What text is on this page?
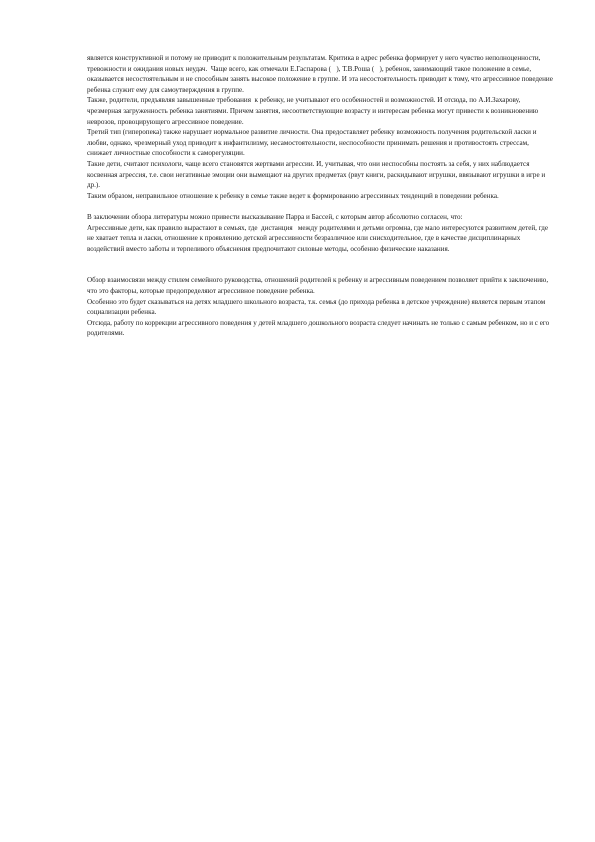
является конструктивной и потому не приводит к положительным результатам. Критика в адрес ребенка формирует у него чувство неполноценности, тревожности и ожидания новых неудач.  Чаще всего, как отмечали Е.Гаспарова (   ), Т.В.Роша (   ), ребенок, занимающий такое положение в семье, оказывается несостоятельным и не способным занять высокое положение в группе. И эта несостоятельность приводит к тому, что агрессивное поведение ребенка служит ему для самоутверждения в группе.

Также, родители, предъявляя завышенные требования  к ребенку, не учитывают его особенностей и возможностей. И отсюда, по А.И.Захарову, чрезмерная загруженность ребенка занятиями. Причем занятия, несоответствующие возрасту и интересам ребенка могут привести к возникновению неврозов, провоцирующего агрессивное поведение.

Третий тип (гиперопека) также нарушает нормальное развитие личности. Она предоставляет ребенку возможность получения родительской ласки и любви, однако, чрезмерный уход приводит к инфантилизму, несамостоятельности, неспособности принимать решения и противостоять стрессам, снижает личностные способности к саморегуляции.

Такие дети, считают психологи, чаще всего становятся жертвами агрессии. И, учитывая, что они неспособны постоять за себя, у них наблюдается косвенная агрессия, т.е. свои негативные эмоции они вымещают на других предметах (рвут книги, раскидывают игрушки, ввязывают игрушки в игре и др.).

Таким образом, неправильное отношение к ребенку в семье также ведет к формированию агрессивных тенденций в поведении ребенка.

В заключении обзора литературы можно привести высказывание Парра и Бассей, с которым автор абсолютно согласен, что:

Агрессивные дети, как правило вырастают в семьях, где  дистанция   между родителями и детьми огромна, где мало интересуются развитием детей, где не хватает тепла и ласки, отношение к проявлению детской агрессивности безразличное или снисходительное, где в качестве дисциплинарных воздействий вместо заботы и терпеливого объяснения предпочитают силовые методы, особенно физические наказания.

Обзор взаимосвязи между стилем семейного руководства, отношений родителей к ребенку и агрессивным поведением позволяет прийти к заключению, что это факторы, которые предопределяют агрессивное поведение ребенка.

Особенно это будет сказываться на детях младшего школьного возраста, т.к. семья (до прихода ребенка в детское учреждение) является первым этапом социализации ребенка.

Отсюда, работу по коррекции агрессивного поведения у детей младшего дошкольного возраста следует начинать не только с самым ребенком, но и с его родителями.
